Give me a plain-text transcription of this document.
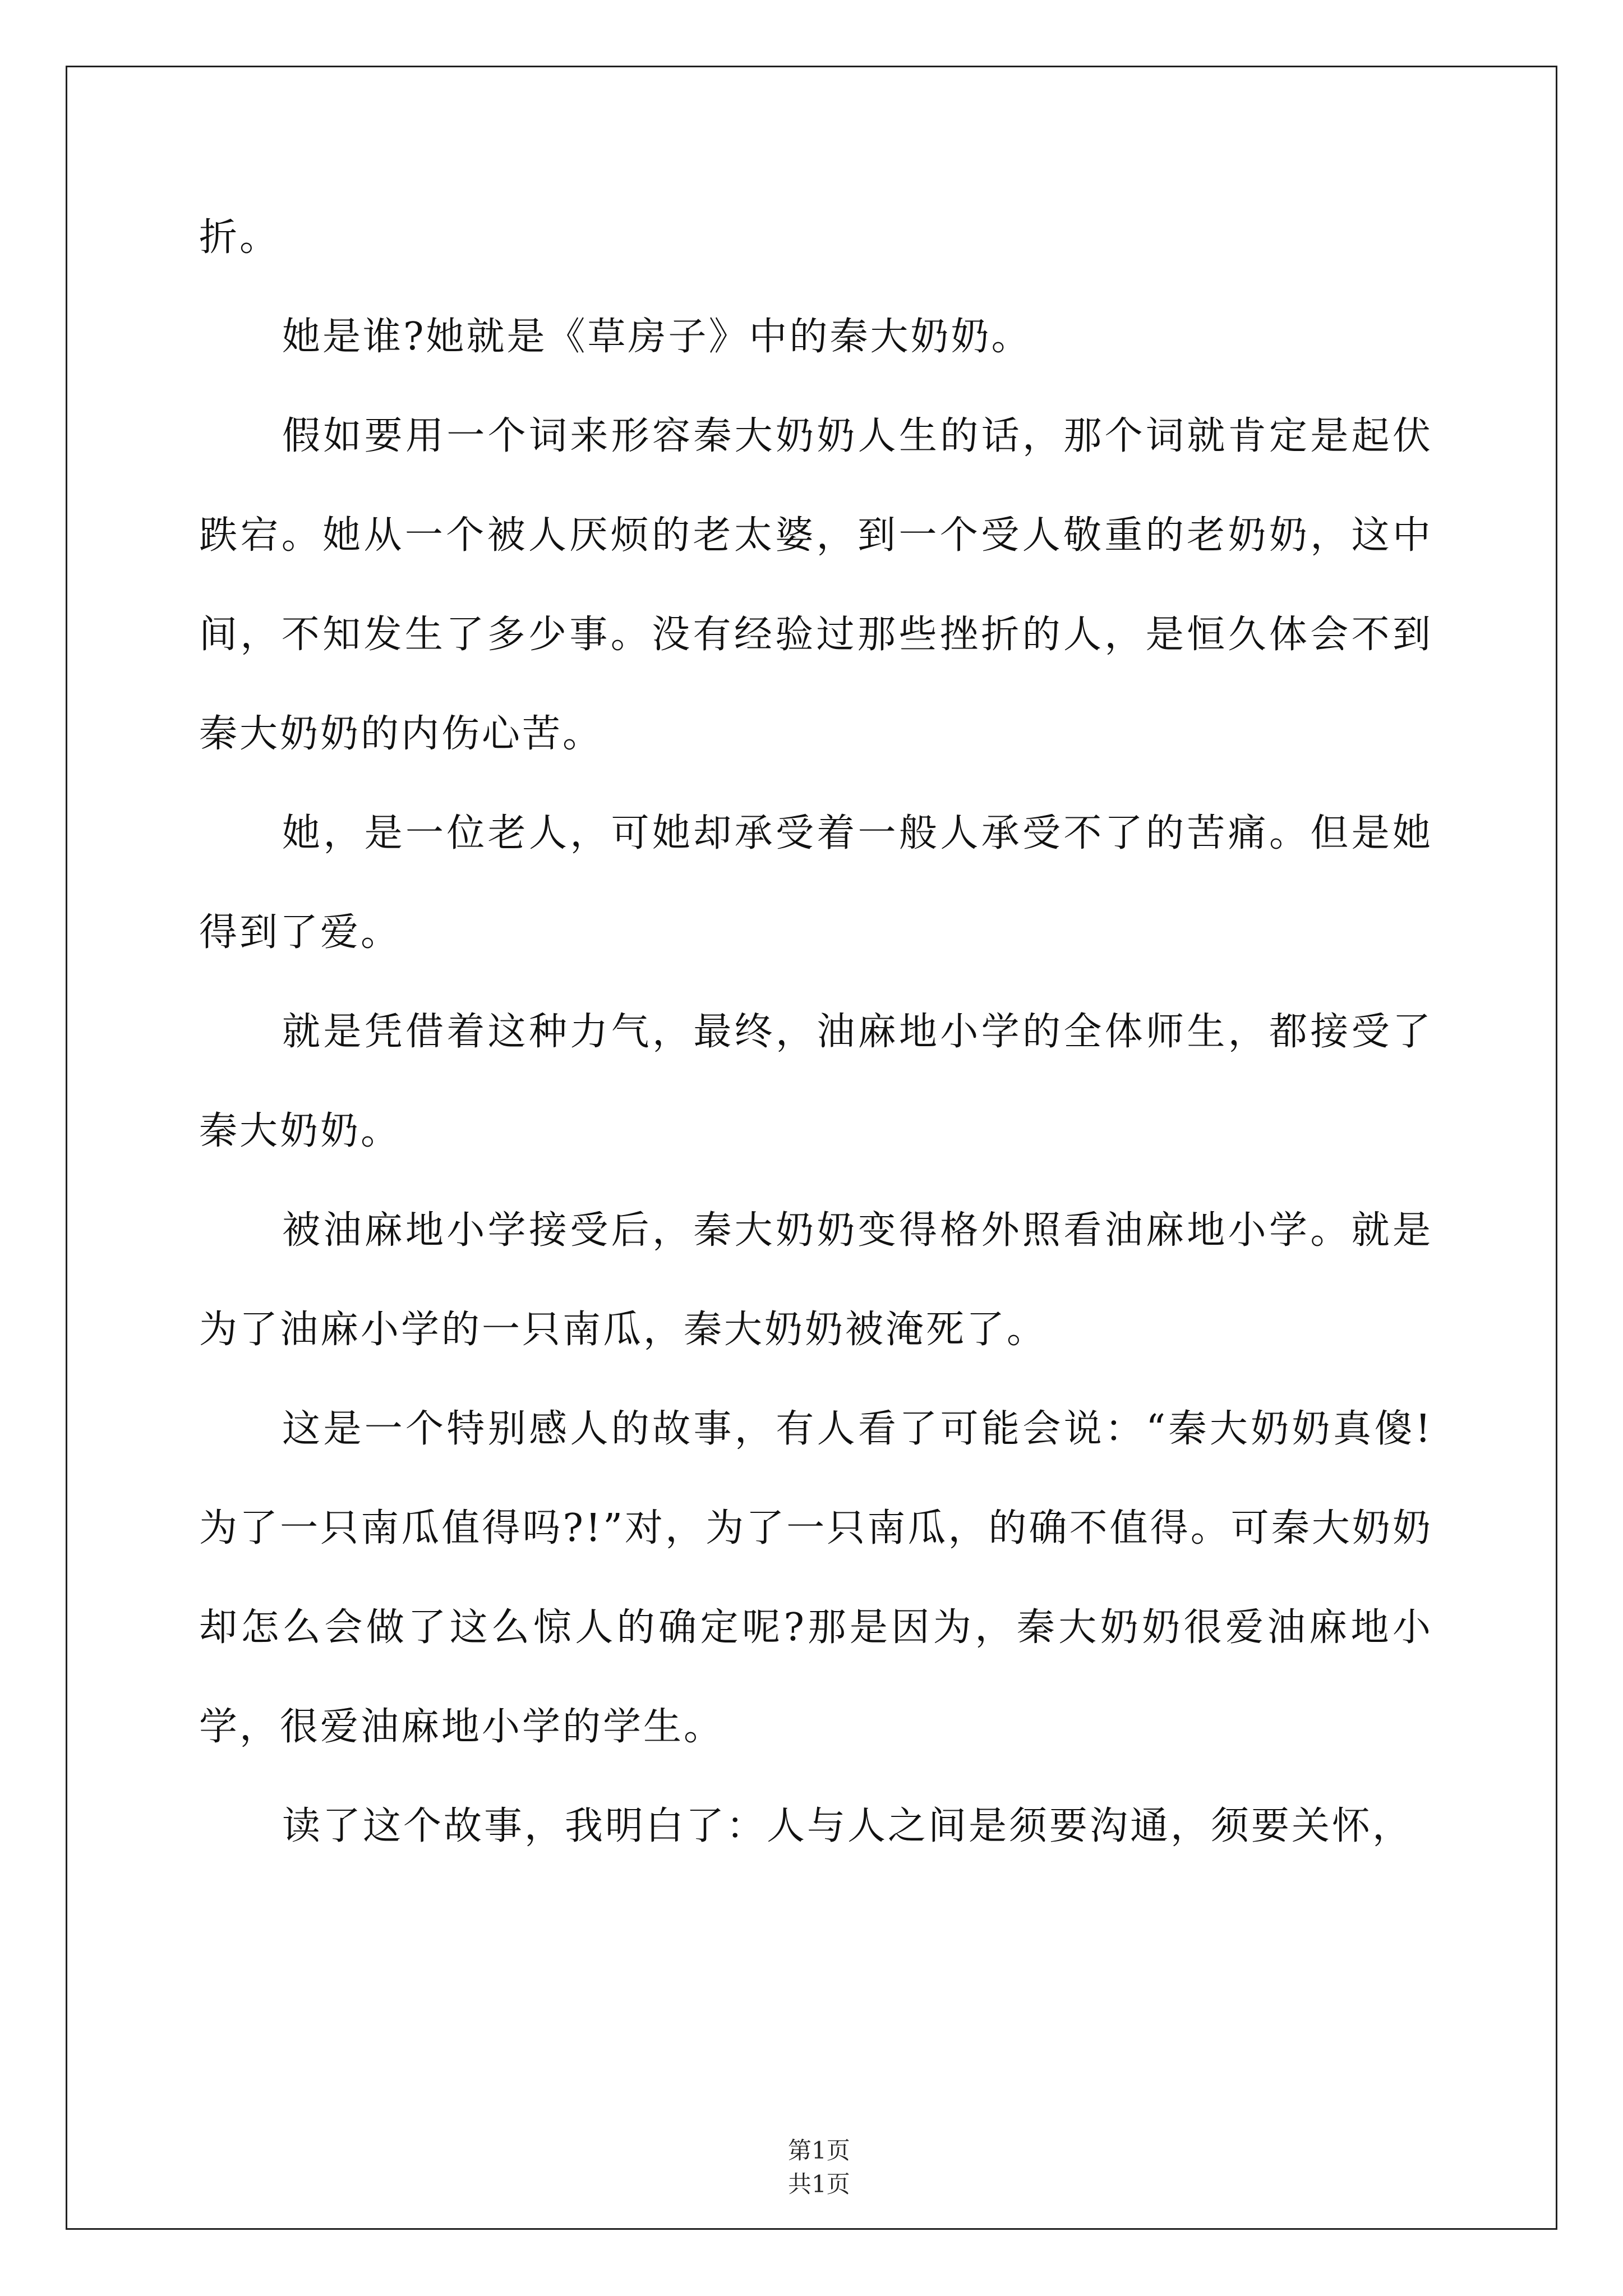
折。

她是谁?她就是《草房子》中的秦大奶奶。

假如要用一个词来形容秦大奶奶人生的话，那个词就肯定是起伏跌宕。她从一个被人厌烦的老太婆，到一个受人敬重的老奶奶，这中间，不知发生了多少事。没有经验过那些挫折的人，是恒久体会不到秦大奶奶的内伤心苦。

她，是一位老人，可她却承受着一般人承受不了的苦痛。但是她得到了爱。

就是凭借着这种力气，最终，油麻地小学的全体师生，都接受了秦大奶奶。

被油麻地小学接受后，秦大奶奶变得格外照看油麻地小学。就是为了油麻小学的一只南瓜，秦大奶奶被淹死了。

这是一个特别感人的故事，有人看了可能会说：“秦大奶奶真傻!为了一只南瓜值得吗?!”对，为了一只南瓜，的确不值得。可秦大奶奶却怎么会做了这么惊人的确定呢?那是因为，秦大奶奶很爱油麻地小学，很爱油麻地小学的学生。

读了这个故事，我明白了：人与人之间是须要沟通，须要关怀，

第1页
共1页
